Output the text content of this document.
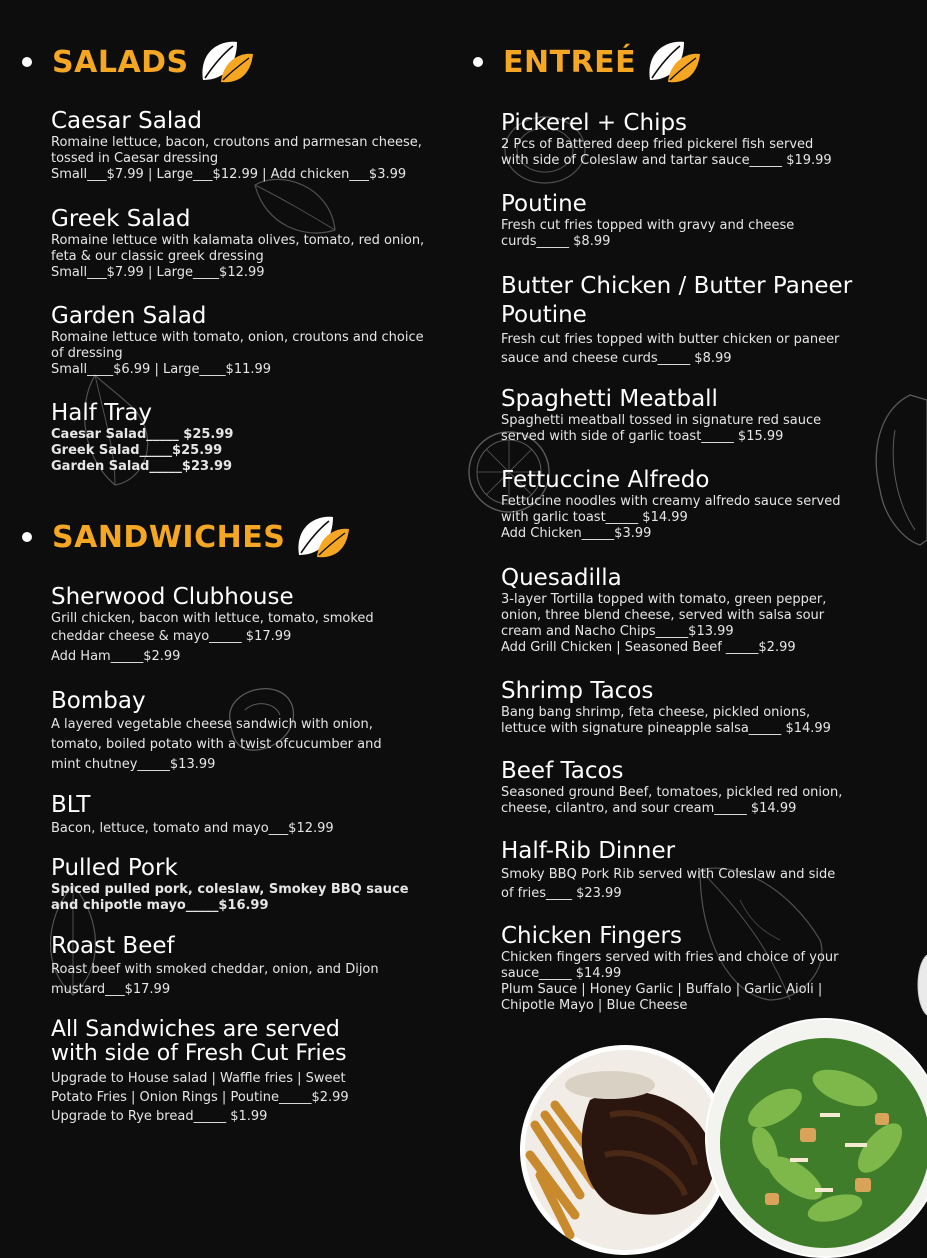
SALADS

Caesar Salad

Romaine lettuce, bacon, croutons and parmesan cheese,

tossed in Caesar dressing

Small___$7.99 | Large___$12.99 | Add chicken___$3.99

Greek Salad

Romaine lettuce with kalamata olives, tomato, red onion,

feta & our classic greek dressing

Small___$7.99 | Large____$12.99

Garden Salad

Romaine lettuce with tomato, onion, croutons and choice

of dressing

Small____$6.99 | Large____$11.99

Half Tray

Caesar Salad_____ $25.99

Greek Salad_____$25.99

Garden Salad_____$23.99

SANDWICHES

Sherwood Clubhouse

Grill chicken, bacon with lettuce, tomato, smoked

cheddar cheese & mayo_____ $17.99

Add Ham_____$2.99

Bombay

A layered vegetable cheese sandwich with onion,

tomato, boiled potato with a twist ofcucumber and

mint chutney_____$13.99

BLT

Bacon, lettuce, tomato and mayo___$12.99

Pulled Pork

Spiced pulled pork, coleslaw, Smokey BBQ sauce

and chipotle mayo_____$16.99

Roast Beef

Roast beef with smoked cheddar, onion, and Dijon

mustard___$17.99

All Sandwiches are served
with side of Fresh Cut Fries

Upgrade to House salad | Waffle fries | Sweet

Potato Fries | Onion Rings | Poutine_____$2.99

Upgrade to Rye bread_____ $1.99

ENTREÉ

Pickerel + Chips

2 Pcs of Battered deep fried pickerel fish served

with side of Coleslaw and tartar sauce_____ $19.99

Poutine

Fresh cut fries topped with gravy and cheese

curds_____ $8.99

Butter Chicken / Butter Paneer
Poutine

Fresh cut fries topped with butter chicken or paneer

sauce and cheese curds_____ $8.99

Spaghetti Meatball

Spaghetti meatball tossed in signature red sauce

served with side of garlic toast_____ $15.99

Fettuccine Alfredo

Fettucine noodles with creamy alfredo sauce served

with garlic toast_____ $14.99

Add Chicken_____$3.99

Quesadilla

3-layer Tortilla topped with tomato, green pepper,

onion, three blend cheese, served with salsa sour

cream and Nacho Chips_____$13.99

Add Grill Chicken | Seasoned Beef _____$2.99

Shrimp Tacos

Bang bang shrimp, feta cheese, pickled onions,

lettuce with signature pineapple salsa_____ $14.99

Beef Tacos

Seasoned ground Beef, tomatoes, pickled red onion,

cheese, cilantro, and sour cream_____ $14.99

Half-Rib Dinner

Smoky BBQ Pork Rib served with Coleslaw and side

of fries____ $23.99

Chicken Fingers

Chicken fingers served with fries and choice of your

sauce_____ $14.99

Plum Sauce | Honey Garlic | Buffalo | Garlic Aioli |

Chipotle Mayo | Blue Cheese
